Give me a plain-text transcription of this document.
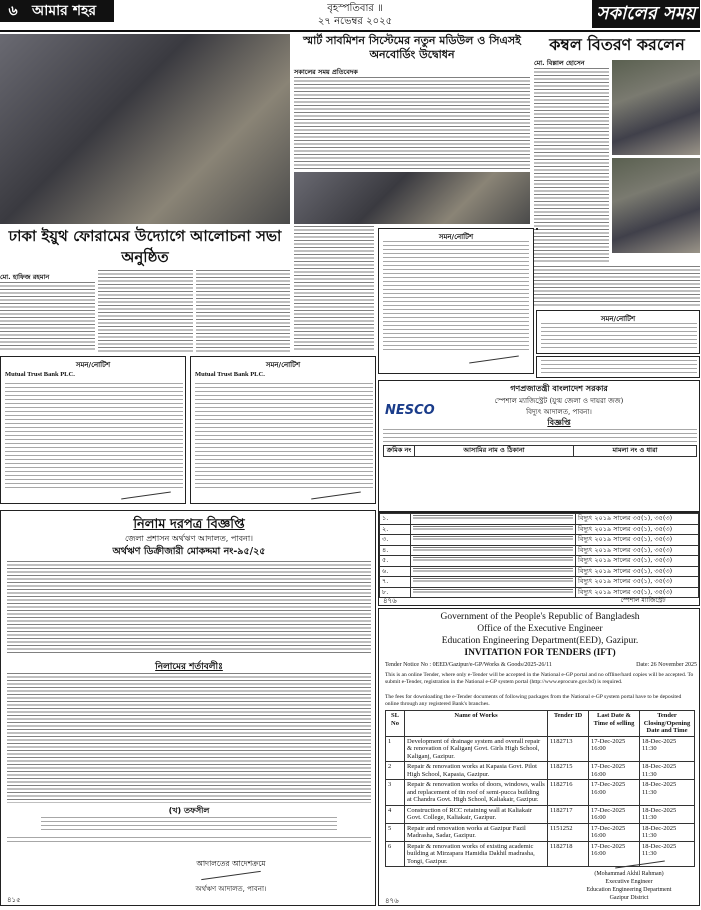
৬	আমার শহর	বৃহস্পতিবার ॥
২৭ নভেম্বর ২০২৫	সকালের সময়
স্মার্ট সাবমিশন সিস্টেমের নতুন মডিউল ও সিএসই অনবোর্ডিং উদ্বোধন
সকালের সময় প্রতিবেদক
কম্বল বিতরণ করলেন
মো. বিল্লাল হোসেন
ঢাকা ইয়ুথ ফোরামের উদ্যোগে আলোচনা সভা অনুষ্ঠিত
মো. হাফিজ রহমান
সমন/নোটিশ
সমন/নোটিশ
সমন/নোটিশ
Mutual Trust Bank PLC.
সমন/নোটিশ
Mutual Trust Bank PLC.
NESCO
গণপ্রজাতন্ত্রী বাংলাদেশ সরকার
স্পেশাল ম্যাজিস্ট্রেট (যুগ্ম জেলা ও দায়রা জজ)
বিদ্যুৎ আদালত, পাবনা।
বিজ্ঞপ্তি
ক্রমিক নং	আসামির নাম ও ঠিকানা	মামলা নং ও ধারা
১.		বিদ্যুৎ ২০১৯ সালের ৩৫(১), ৩৫(৩)
২.		বিদ্যুৎ ২০১৯ সালের ৩৫(১), ৩৫(৩)
৩.		বিদ্যুৎ ২০১৯ সালের ৩৫(১), ৩৫(৩)
৪.		বিদ্যুৎ ২০১৯ সালের ৩৫(১), ৩৫(৩)
৫.		বিদ্যুৎ ২০১৯ সালের ৩৫(১), ৩৫(৩)
৬.		বিদ্যুৎ ২০১৯ সালের ৩৫(১), ৩৫(৩)
৭.		বিদ্যুৎ ২০১৯ সালের ৩৫(১), ৩৫(৩)
৮.		বিদ্যুৎ ২০১৯ সালের ৩৫(১), ৩৫(৩)
৪৭৬	স্পেশাল ম্যাজিস্ট্রেট
নিলাম দরপত্র বিজ্ঞপ্তি
জেলা প্রশাসন অর্থঋণ আদালত, পাবনা।
অর্থঋণ ডিক্রীজারী মোকদ্দমা নং-৯৫/২৫
নিলামের শর্তাবলীঃ
(খ) তফসীল
আদালতের আদেশক্রমে
অর্থঋণ আদালত, পাবনা।
৪১৫
Government of the People's Republic of Bangladesh
Office of the Executive Engineer
Education Engineering Department(EED), Gazipur.
INVITATION FOR TENDERS (IFT)
Tender Notice No : 0EED/Gazipur/e-GP/Works & Goods/2025-26/11	Date: 26 November 2025
This is an online Tender, where only e-Tender will be accepted in the National e-GP portal and no offline/hard copies will be accepted. To submit e-Tender, registration in the National e-GP system portal (http://www.eprocure.gov.bd) is required.
The fees for downloading the e-Tender documents of following packages from the National e-GP system portal have to be deposited online through any registered Bank's branches.
SL No	Name of Works	Tender ID	Last Date & Time of selling	Tender Closing/Opening Date and Time
1	Development of drainage system and overall repair & renovation of Kaliganj Govt. Girls High School, Kaliganj, Gazipur.	1182713	17-Dec-2025 16:00	18-Dec-2025 11:30
2	Repair & renovation works at Kapasia Govt. Pilot High School, Kapasia, Gazipur.	1182715	17-Dec-2025 16:00	18-Dec-2025 11:30
3	Repair & renovation works of doors, windows, walls and replacement of tin roof of semi-pucca building at Chandra Govt. High School, Kaliakair, Gazipur.	1182716	17-Dec-2025 16:00	18-Dec-2025 11:30
4	Construction of RCC retaining wall at Kaliakair Govt. College, Kaliakair, Gazipur.	1182717	17-Dec-2025 16:00	18-Dec-2025 11:30
5	Repair and renovation works at Gazipur Fazil Madrasha, Sadar, Gazipur.	1151252	17-Dec-2025 16:00	18-Dec-2025 11:30
6	Repair & renovation works of existing academic building at Mirzapara Hamidia Dakhil madrasha, Tongi, Gazipur.	1182718	17-Dec-2025 16:00	18-Dec-2025 11:30
(Mohammad Akhil Rahman)
Executive Engineer
Education Engineering Department
Gazipur District
৪৭৬
